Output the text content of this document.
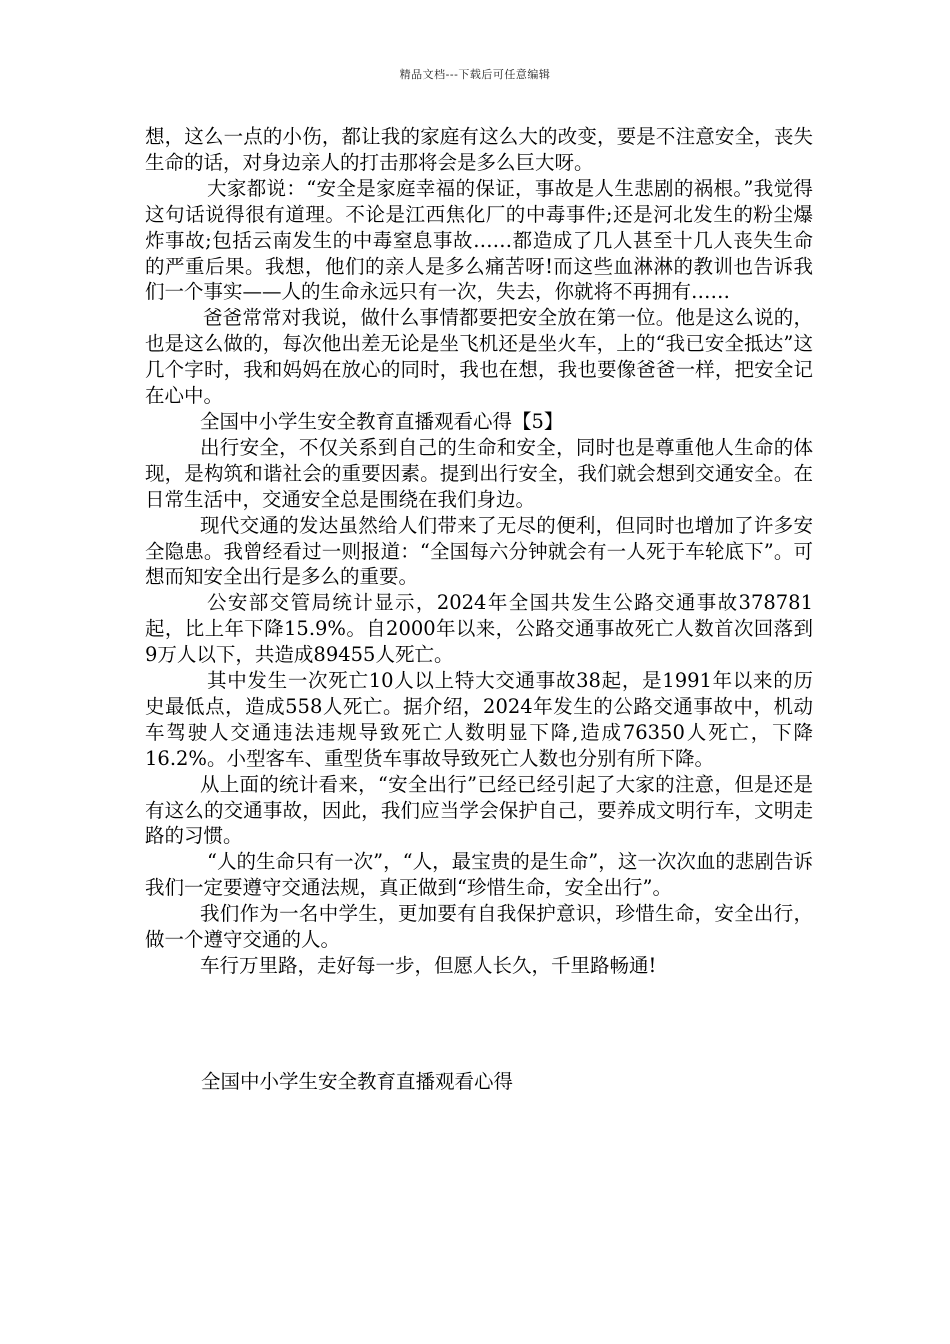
精品文档---下载后可任意编辑

想，这么一点的小伤，都让我的家庭有这么大的改变，要是不注意安全，丧失生命的话，对身边亲人的打击那将会是多么巨大呀。

大家都说：“安全是家庭幸福的保证，事故是人生悲剧的祸根。”我觉得这句话说得很有道理。不论是江西焦化厂的中毒事件;还是河北发生的粉尘爆炸事故;包括云南发生的中毒窒息事故……都造成了几人甚至十几人丧失生命的严重后果。我想，他们的亲人是多么痛苦呀!而这些血淋淋的教训也告诉我们一个事实——人的生命永远只有一次，失去，你就将不再拥有……

爸爸常常对我说，做什么事情都要把安全放在第一位。他是这么说的，也是这么做的，每次他出差无论是坐飞机还是坐火车，上的“我已安全抵达”这几个字时，我和妈妈在放心的同时，我也在想，我也要像爸爸一样，把安全记在心中。

全国中小学生安全教育直播观看心得【5】

出行安全，不仅关系到自己的生命和安全，同时也是尊重他人生命的体现，是构筑和谐社会的重要因素。提到出行安全，我们就会想到交通安全。在日常生活中，交通安全总是围绕在我们身边。

现代交通的发达虽然给人们带来了无尽的便利，但同时也增加了许多安全隐患。我曾经看过一则报道：“全国每六分钟就会有一人死于车轮底下”。可想而知安全出行是多么的重要。

公安部交管局统计显示，2024年全国共发生公路交通事故378781起，比上年下降15.9%。自2000年以来，公路交通事故死亡人数首次回落到9万人以下，共造成89455人死亡。

其中发生一次死亡10人以上特大交通事故38起，是1991年以来的历史最低点，造成558人死亡。据介绍，2024年发生的公路交通事故中，机动车驾驶人交通违法违规导致死亡人数明显下降,造成76350人死亡，下降16.2%。小型客车、重型货车事故导致死亡人数也分别有所下降。

从上面的统计看来，“安全出行”已经已经引起了大家的注意，但是还是有这么的交通事故，因此，我们应当学会保护自己，要养成文明行车，文明走路的习惯。

“人的生命只有一次”，“人，最宝贵的是生命”，这一次次血的悲剧告诉我们一定要遵守交通法规，真正做到“珍惜生命，安全出行”。

我们作为一名中学生，更加要有自我保护意识，珍惜生命，安全出行，做一个遵守交通的人。

车行万里路，走好每一步，但愿人长久，千里路畅通!

全国中小学生安全教育直播观看心得
